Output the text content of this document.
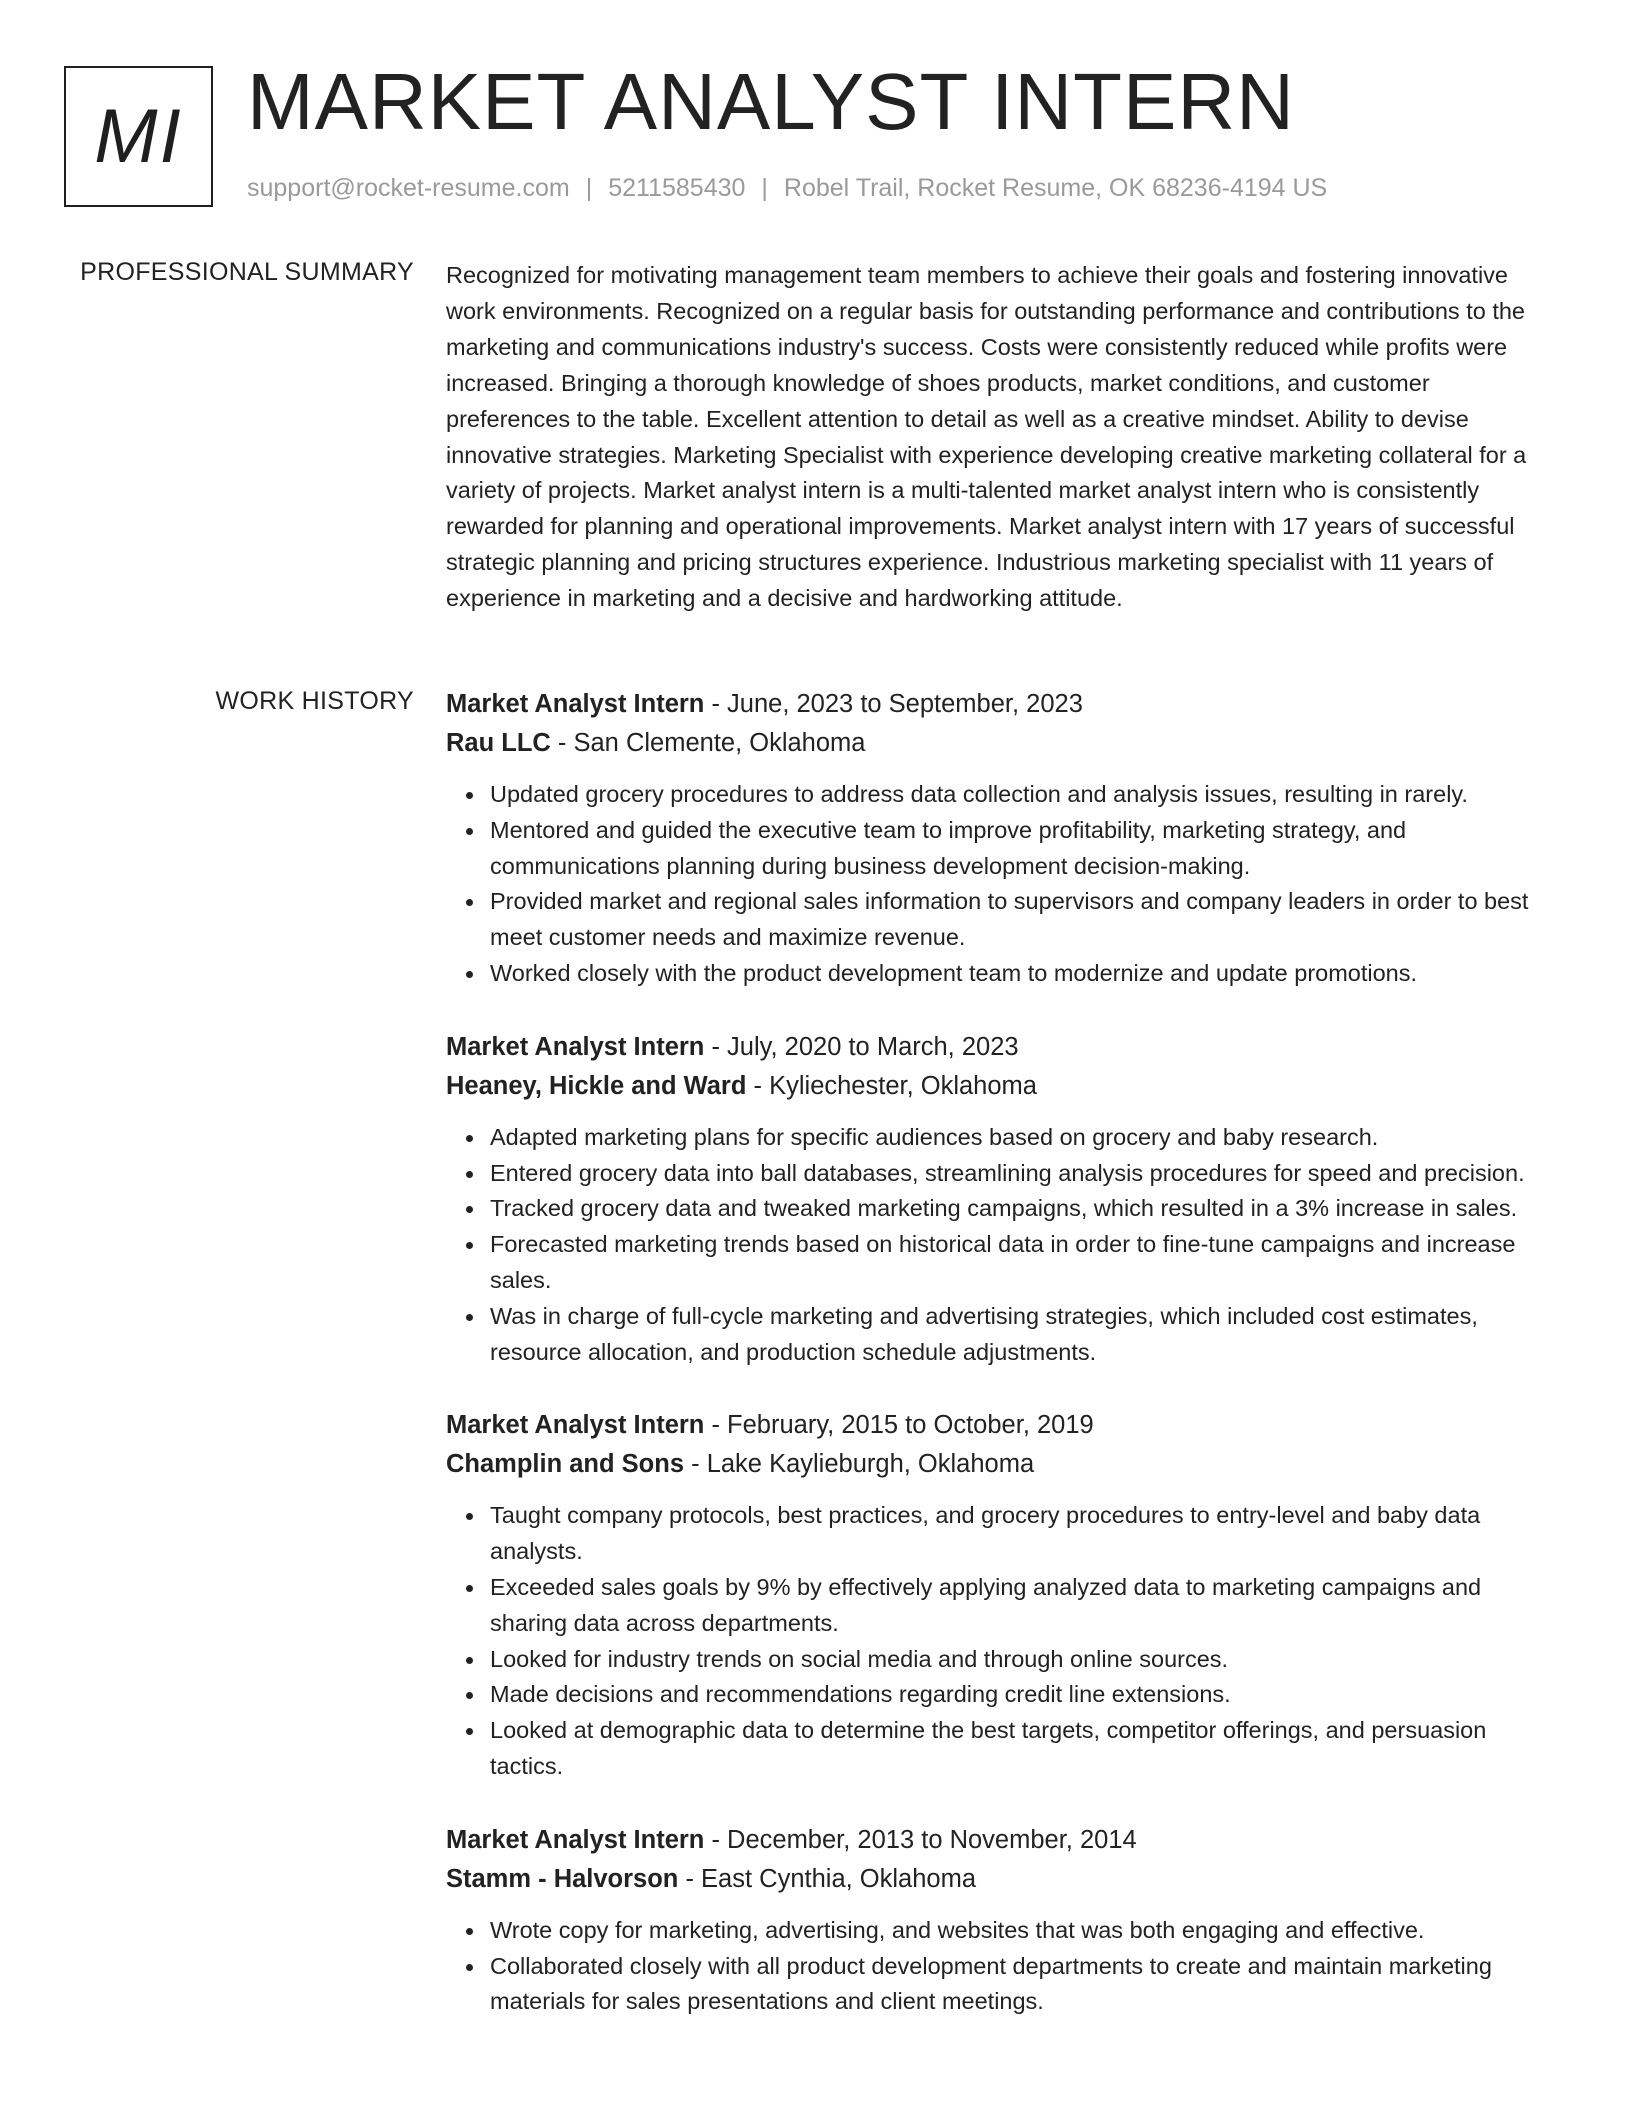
MI MARKET ANALYST INTERN
support@rocket-resume.com | 5211585430 | Robel Trail, Rocket Resume, OK 68236-4194 US
PROFESSIONAL SUMMARY Recognized for motivating management team members to achieve their goals and fostering innovative work environments. Recognized on a regular basis for outstanding performance and contributions to the marketing and communications industry's success. Costs were consistently reduced while profits were increased. Bringing a thorough knowledge of shoes products, market conditions, and customer preferences to the table. Excellent attention to detail as well as a creative mindset. Ability to devise innovative strategies. Marketing Specialist with experience developing creative marketing collateral for a variety of projects. Market analyst intern is a multi-talented market analyst intern who is consistently rewarded for planning and operational improvements. Market analyst intern with 17 years of successful strategic planning and pricing structures experience. Industrious marketing specialist with 11 years of experience in marketing and a decisive and hardworking attitude.

WORK HISTORY Market Analyst Intern - June, 2023 to September, 2023
Rau LLC - San Clemente, Oklahoma
Updated grocery procedures to address data collection and analysis issues, resulting in rarely.
Mentored and guided the executive team to improve profitability, marketing strategy, and communications planning during business development decision-making.
Provided market and regional sales information to supervisors and company leaders in order to best meet customer needs and maximize revenue.
Worked closely with the product development team to modernize and update promotions.
Market Analyst Intern - July, 2020 to March, 2023
Heaney, Hickle and Ward - Kyliechester, Oklahoma
Adapted marketing plans for specific audiences based on grocery and baby research.
Entered grocery data into ball databases, streamlining analysis procedures for speed and precision.
Tracked grocery data and tweaked marketing campaigns, which resulted in a 3% increase in sales.
Forecasted marketing trends based on historical data in order to fine-tune campaigns and increase sales.
Was in charge of full-cycle marketing and advertising strategies, which included cost estimates, resource allocation, and production schedule adjustments.
Market Analyst Intern - February, 2015 to October, 2019
Champlin and Sons - Lake Kaylieburgh, Oklahoma
Taught company protocols, best practices, and grocery procedures to entry-level and baby data analysts.
Exceeded sales goals by 9% by effectively applying analyzed data to marketing campaigns and sharing data across departments.
Looked for industry trends on social media and through online sources.
Made decisions and recommendations regarding credit line extensions.
Looked at demographic data to determine the best targets, competitor offerings, and persuasion tactics.
Market Analyst Intern - December, 2013 to November, 2014
Stamm - Halvorson - East Cynthia, Oklahoma
Wrote copy for marketing, advertising, and websites that was both engaging and effective.
Collaborated closely with all product development departments to create and maintain marketing materials for sales presentations and client meetings.
